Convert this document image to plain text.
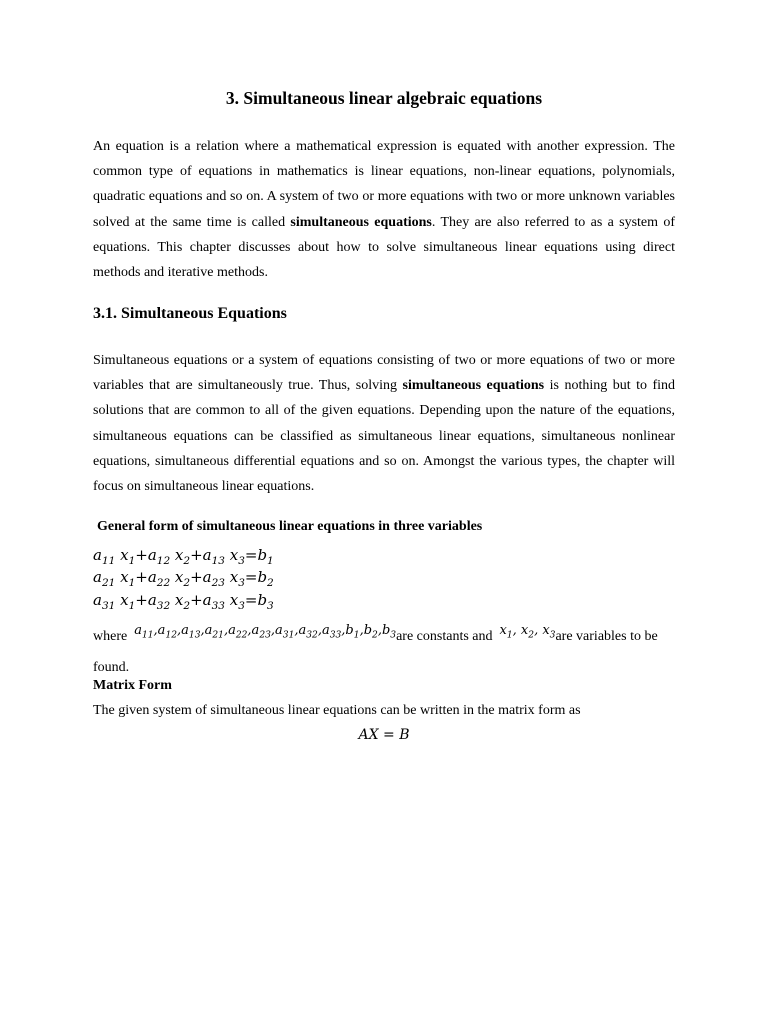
3. Simultaneous linear algebraic equations

An equation is a relation where a mathematical expression is equated with another expression. The common type of equations in mathematics is linear equations, non-linear equations, polynomials, quadratic equations and so on. A system of two or more equations with two or more unknown variables solved at the same time is called simultaneous equations. They are also referred to as a system of equations. This chapter discusses about how to solve simultaneous linear equations using direct methods and iterative methods.

3.1. Simultaneous Equations

Simultaneous equations or a system of equations consisting of two or more equations of two or more variables that are simultaneously true. Thus, solving simultaneous equations is nothing but to find solutions that are common to all of the given equations. Depending upon the nature of the equations, simultaneous equations can be classified as simultaneous linear equations, simultaneous nonlinear equations, simultaneous differential equations and so on. Amongst the various types, the chapter will focus on simultaneous linear equations.

General form of simultaneous linear equations in three variables
$a_{11}$ $x_1+a_{12}$ $x_2+a_{13}$ $x_3=b_1$
$a_{21}$ $x_1+a_{22}$ $x_2+a_{23}$ $x_3=b_2$
$a_{31}$ $x_1+a_{32}$ $x_2+a_{33}$ $x_3=b_3$

where $a_{11},a_{12},a_{13},a_{21},a_{22},a_{23},a_{31},a_{32},a_{33},b_1,b_2,b_3are$ constants and $x_1$, $x_2$, $x_3are$ variables to be found.

Matrix Form

The given system of simultaneous linear equations can be written in the matrix form as

AX = B
